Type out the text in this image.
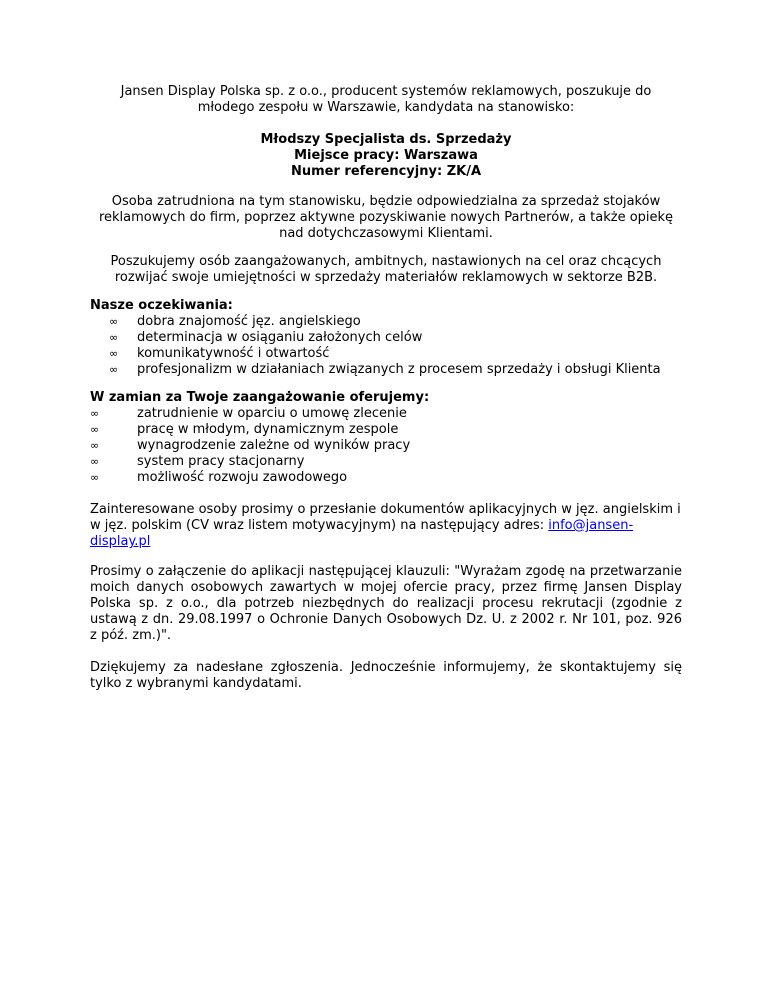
Jansen Display Polska sp. z o.o., producent systemów reklamowych, poszukuje do

młodego zespołu w Warszawie, kandydata na stanowisko:

Młodszy Specjalista ds. Sprzedaży

Miejsce pracy: Warszawa

Numer referencyjny: ZK/A

Osoba zatrudniona na tym stanowisku, będzie odpowiedzialna za sprzedaż stojaków

reklamowych do firm, poprzez aktywne pozyskiwanie nowych Partnerów, a także opiekę

nad dotychczasowymi Klientami.

Poszukujemy osób zaangażowanych, ambitnych, nastawionych na cel oraz chcących

rozwijać swoje umiejętności w sprzedaży materiałów reklamowych w sektorze B2B.

Nasze oczekiwania:

∞ dobra znajomość jęz. angielskiego
∞ determinacja w osiąganiu założonych celów
∞ komunikatywność i otwartość
∞ profesjonalizm w działaniach związanych z procesem sprzedaży i obsługi Klienta

W zamian za Twoje zaangażowanie oferujemy:

∞	zatrudnienie w oparciu o umowę zlecenie
∞	pracę w młodym, dynamicznym zespole
∞	wynagrodzenie zależne od wyników pracy
∞	system pracy stacjonarny
∞	możliwość rozwoju zawodowego

Zainteresowane osoby prosimy o przesłanie dokumentów aplikacyjnych w jęz. angielskim i w jęz. polskim (CV wraz listem motywacyjnym) na następujący adres: info@jansen-display.pl

Prosimy o załączenie do aplikacji następującej klauzuli: "Wyrażam zgodę na przetwarzanie moich danych osobowych zawartych w mojej ofercie pracy, przez firmę Jansen Display Polska sp. z o.o., dla potrzeb niezbędnych do realizacji procesu rekrutacji (zgodnie z ustawą z dn. 29.08.1997 o Ochronie Danych Osobowych Dz. U. z 2002 r. Nr 101, poz. 926 z póź. zm.)".

Dziękujemy za nadesłane zgłoszenia. Jednocześnie informujemy, że skontaktujemy się tylko z wybranymi kandydatami.
